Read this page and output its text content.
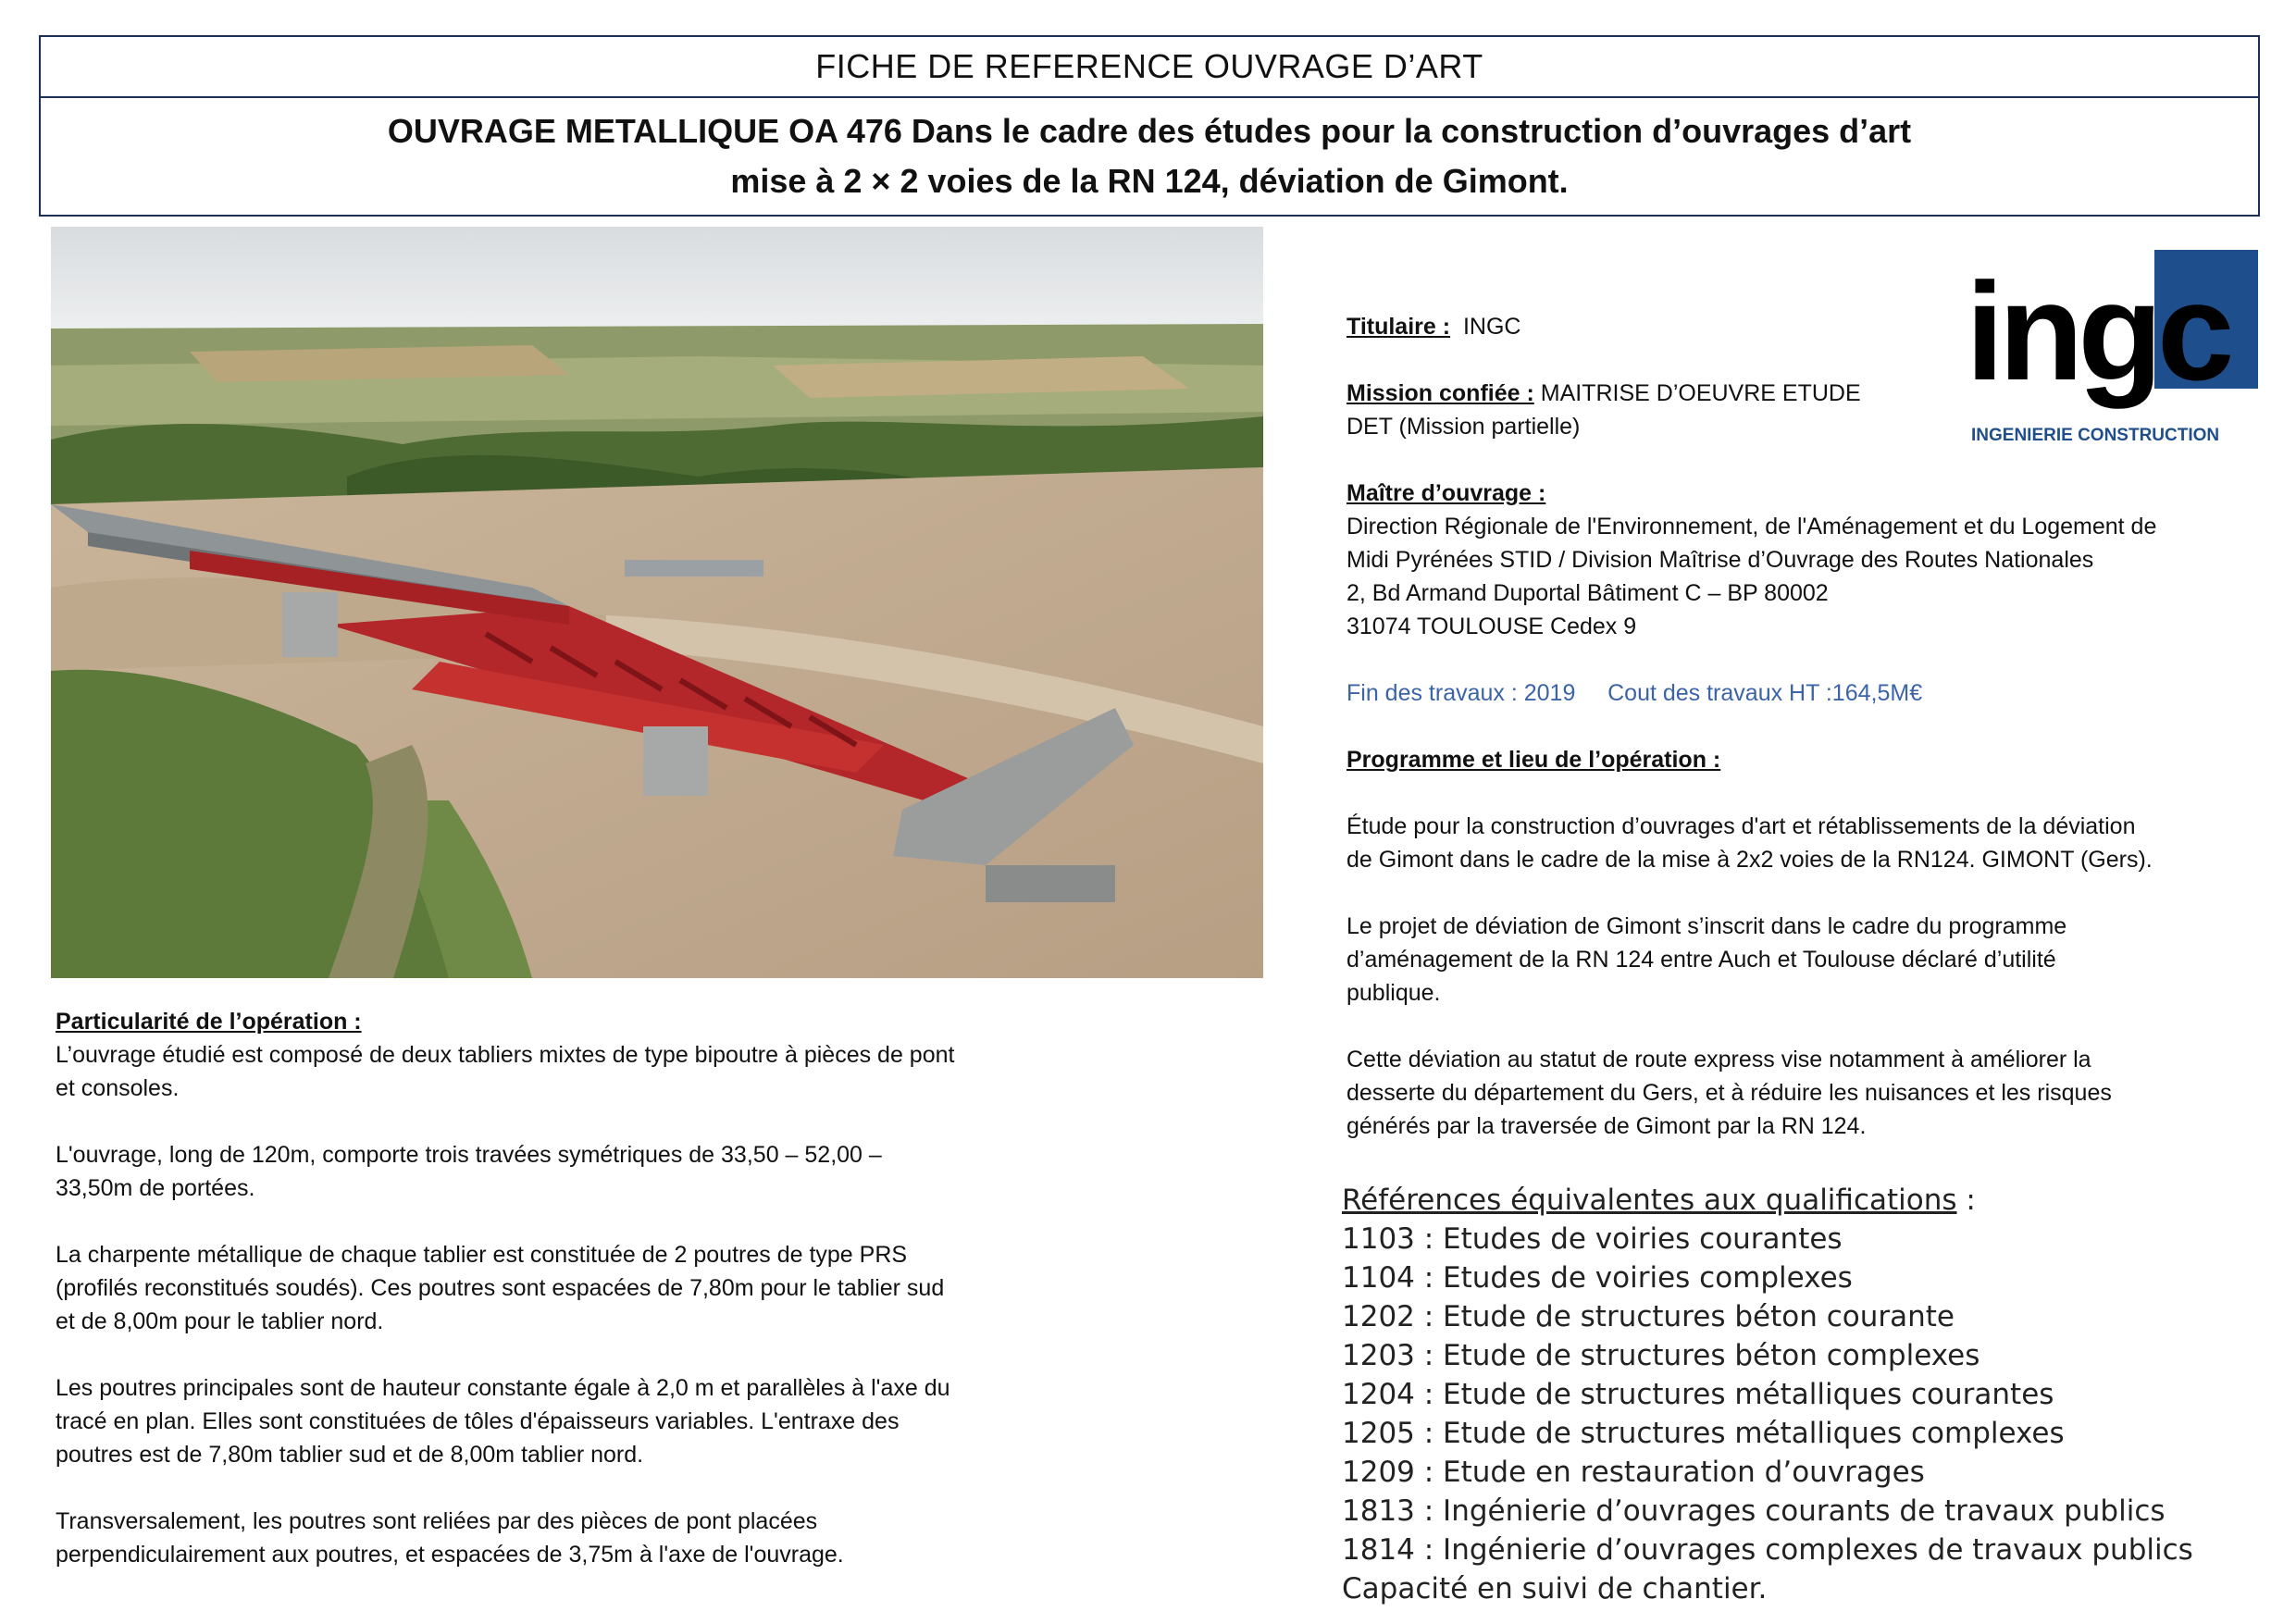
FICHE DE REFERENCE OUVRAGE D’ART
OUVRAGE METALLIQUE OA 476 Dans le cadre des études pour la construction d’ouvrages d’art
mise à 2 × 2 voies de la RN 124, déviation de Gimont.
Particularité de l’opération :
L’ouvrage étudié est composé de deux tabliers mixtes de type bipoutre à pièces de pont
et consoles.
L'ouvrage, long de 120m, comporte trois travées symétriques de 33,50 – 52,00 –
33,50m de portées.
La charpente métallique de chaque tablier est constituée de 2 poutres de type PRS
(profilés reconstitués soudés). Ces poutres sont espacées de 7,80m pour le tablier sud
et de 8,00m pour le tablier nord.
Les poutres principales sont de hauteur constante égale à 2,0 m et parallèles à l'axe du
tracé en plan. Elles sont constituées de tôles d'épaisseurs variables. L'entraxe des
poutres est de 7,80m tablier sud et de 8,00m tablier nord.
Transversalement, les poutres sont reliées par des pièces de pont placées
perpendiculairement aux poutres, et espacées de 3,75m à l'axe de l'ouvrage.
ingc
INGENIERIE CONSTRUCTION
Titulaire : INGC
Mission confiée : MAITRISE D’OEUVRE ETUDE
DET (Mission partielle)
Maître d’ouvrage :
Direction Régionale de l'Environnement, de l'Aménagement et du Logement de
Midi Pyrénées STID / Division Maîtrise d’Ouvrage des Routes Nationales
2, Bd Armand Duportal Bâtiment C – BP 80002
31074 TOULOUSE Cedex 9
Fin des travaux : 2019 Cout des travaux HT :164,5M€
Programme et lieu de l’opération :
Étude pour la construction d’ouvrages d'art et rétablissements de la déviation
de Gimont dans le cadre de la mise à 2x2 voies de la RN124. GIMONT (Gers).
Le projet de déviation de Gimont s’inscrit dans le cadre du programme
d’aménagement de la RN 124 entre Auch et Toulouse déclaré d’utilité
publique.
Cette déviation au statut de route express vise notamment à améliorer la
desserte du département du Gers, et à réduire les nuisances et les risques
générés par la traversée de Gimont par la RN 124.
Références équivalentes aux qualifications :
1103 : Etudes de voiries courantes
1104 : Etudes de voiries complexes
1202 : Etude de structures béton courante
1203 : Etude de structures béton complexes
1204 : Etude de structures métalliques courantes
1205 : Etude de structures métalliques complexes
1209 : Etude en restauration d’ouvrages
1813 : Ingénierie d’ouvrages courants de travaux publics
1814 : Ingénierie d’ouvrages complexes de travaux publics
Capacité en suivi de chantier.
